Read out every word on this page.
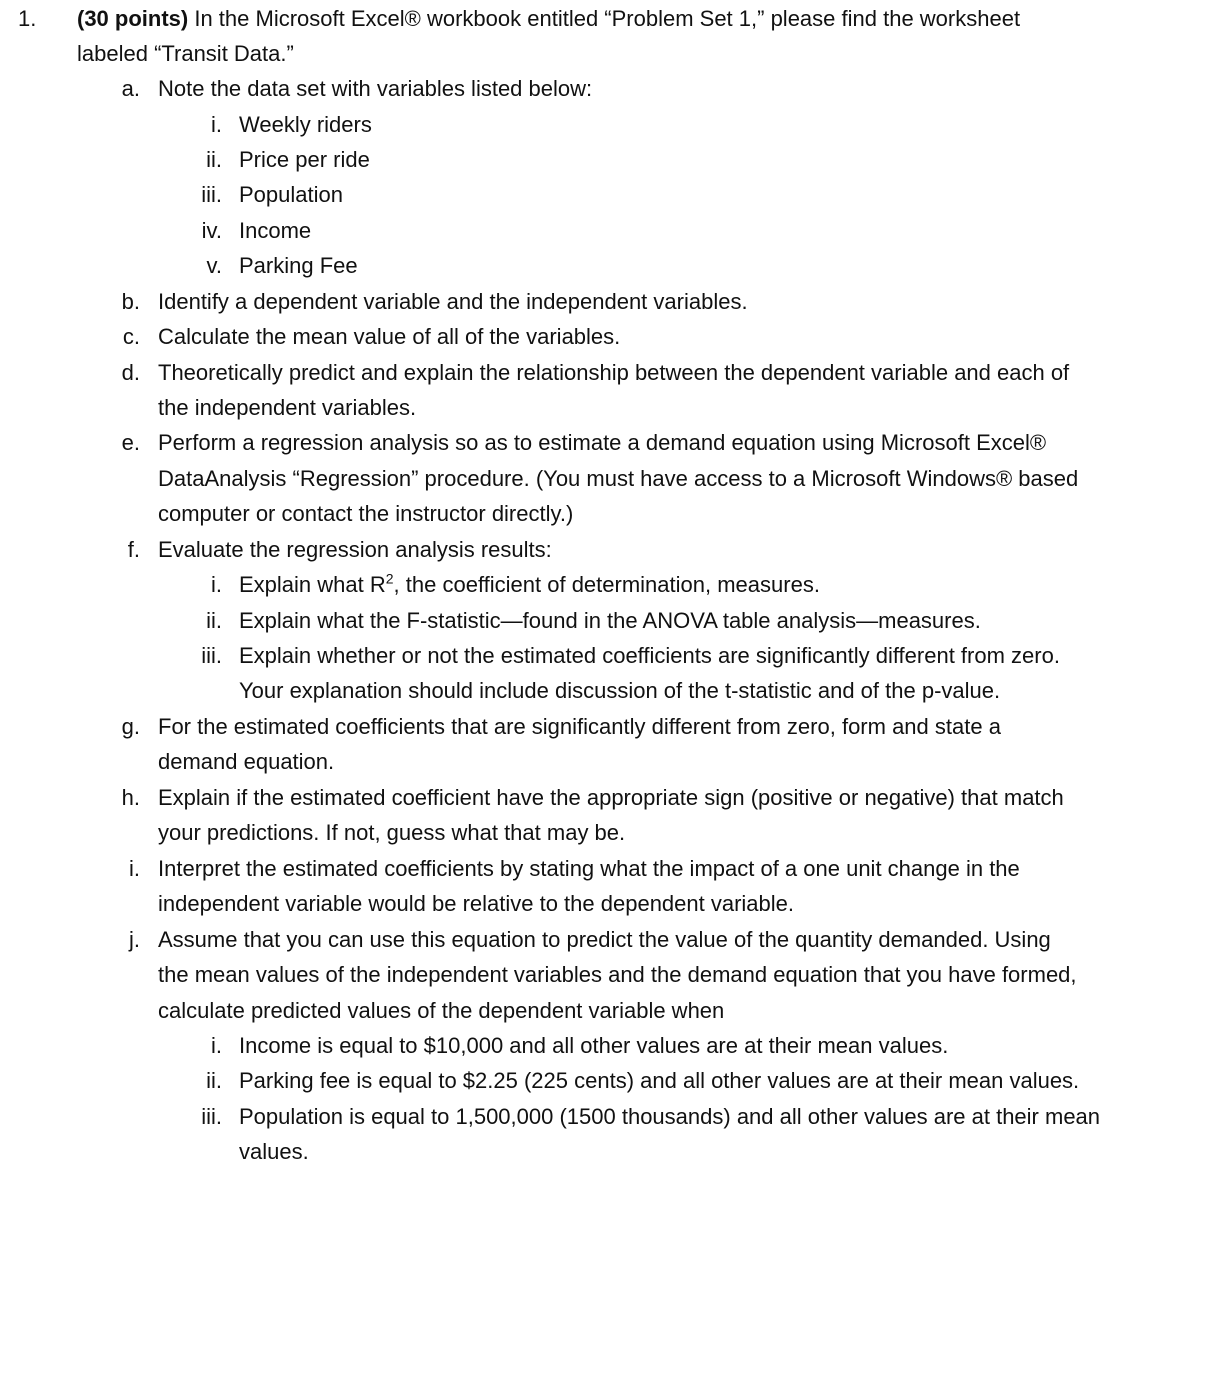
1.	(30 points) In the Microsoft Excel® workbook entitled “Problem Set 1,” please find the worksheet
labeled “Transit Data.”
a. Note the data set with variables listed below:
i. Weekly riders
ii. Price per ride
iii. Population
iv. Income
v. Parking Fee
b. Identify a dependent variable and the independent variables.
c. Calculate the mean value of all of the variables.
d. Theoretically predict and explain the relationship between the dependent variable and each of
the independent variables.
e. Perform a regression analysis so as to estimate a demand equation using Microsoft Excel®
DataAnalysis “Regression” procedure. (You must have access to a Microsoft Windows® based
computer or contact the instructor directly.)
f. Evaluate the regression analysis results:
i. Explain what $R^2$, the coefficient of determination, measures.
ii. Explain what the F-statistic—found in the ANOVA table analysis—measures.
iii. Explain whether or not the estimated coefficients are significantly different from zero.
Your explanation should include discussion of the t-statistic and of the p-value.
g. For the estimated coefficients that are significantly different from zero, form and state a
demand equation.
h. Explain if the estimated coefficient have the appropriate sign (positive or negative) that match
your predictions. If not, guess what that may be.
i. Interpret the estimated coefficients by stating what the impact of a one unit change in the
independent variable would be relative to the dependent variable.
j. Assume that you can use this equation to predict the value of the quantity demanded. Using
the mean values of the independent variables and the demand equation that you have formed,
calculate predicted values of the dependent variable when
i. Income is equal to $10,000 and all other values are at their mean values.
ii. Parking fee is equal to $2.25 (225 cents) and all other values are at their mean values.
iii. Population is equal to 1,500,000 (1500 thousands) and all other values are at their mean
values.
